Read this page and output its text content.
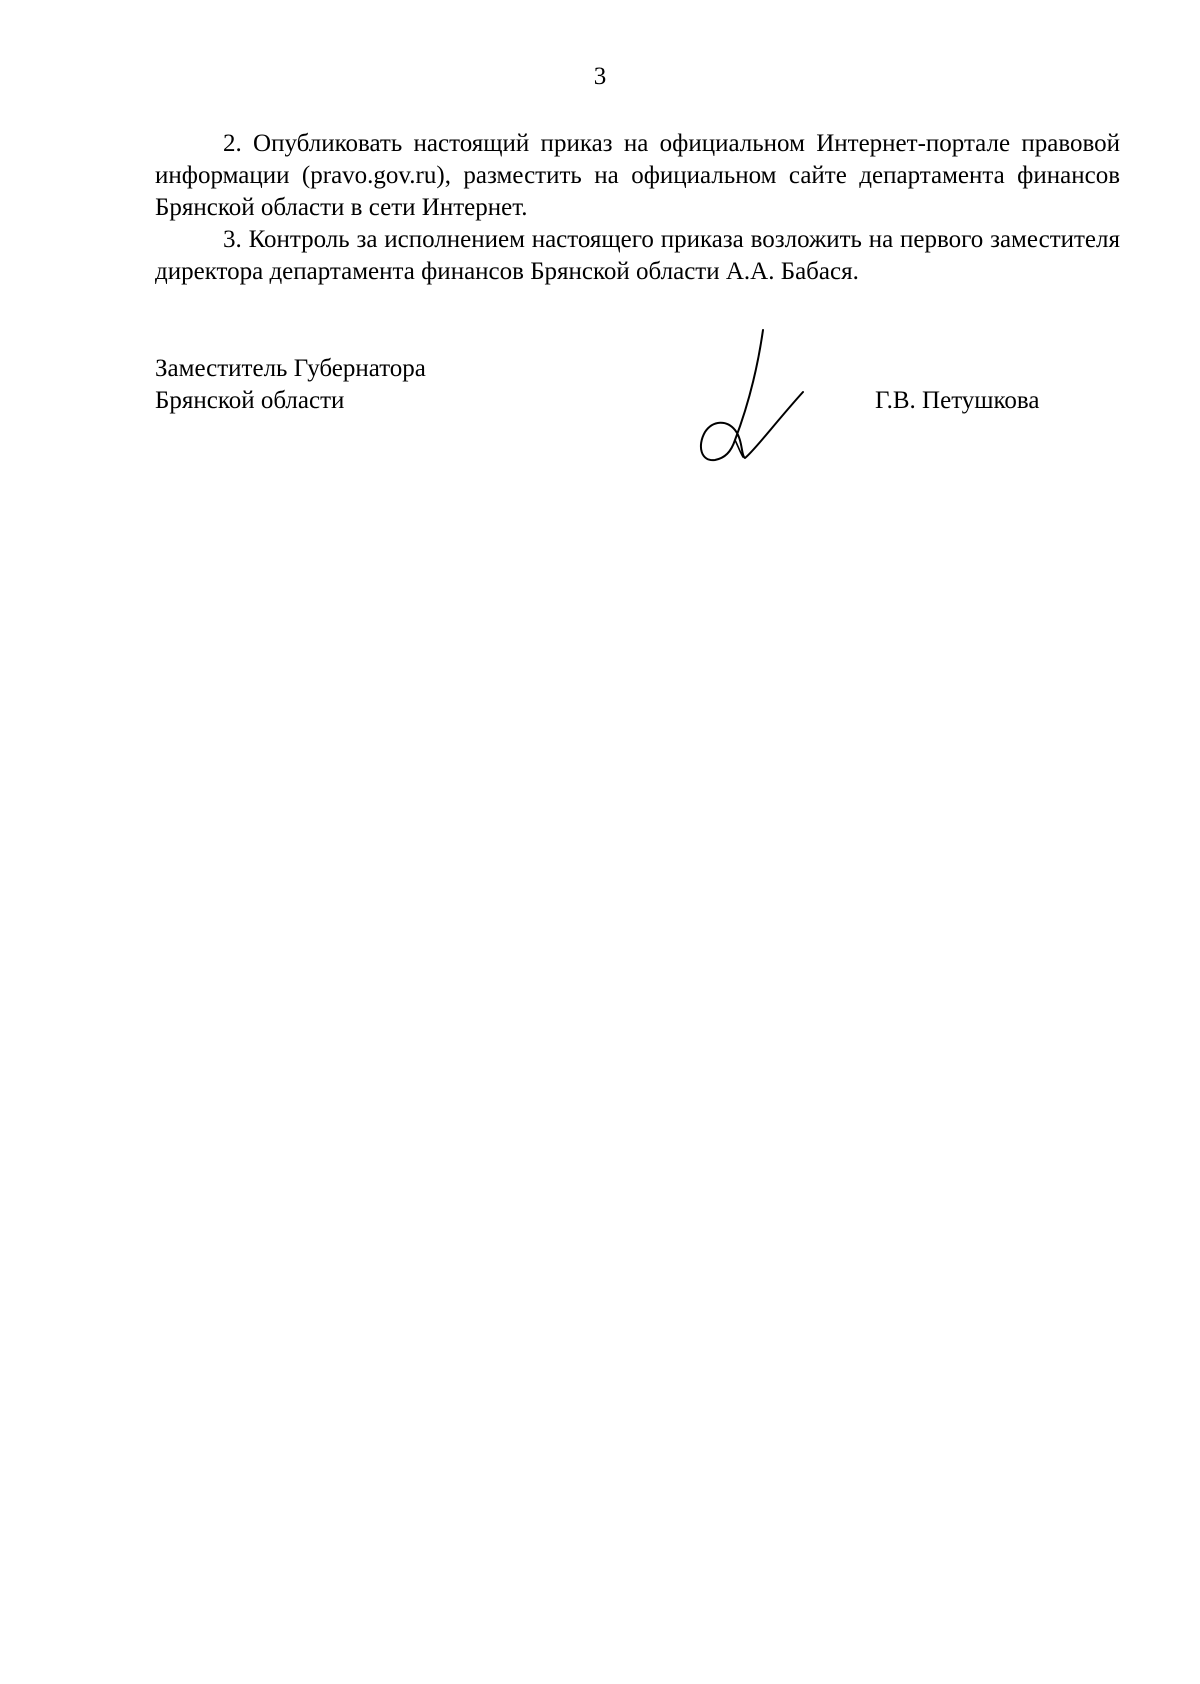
3

2. Опубликовать настоящий приказ на официальном Интернет-портале правовой информации (pravo.gov.ru), разместить на официальном сайте департамента финансов Брянской области в сети Интернет.

3. Контроль за исполнением настоящего приказа возложить на первого заместителя директора департамента финансов Брянской области А.А. Бабася.

Заместитель Губернатора
Брянской области	Г.В. Петушкова
